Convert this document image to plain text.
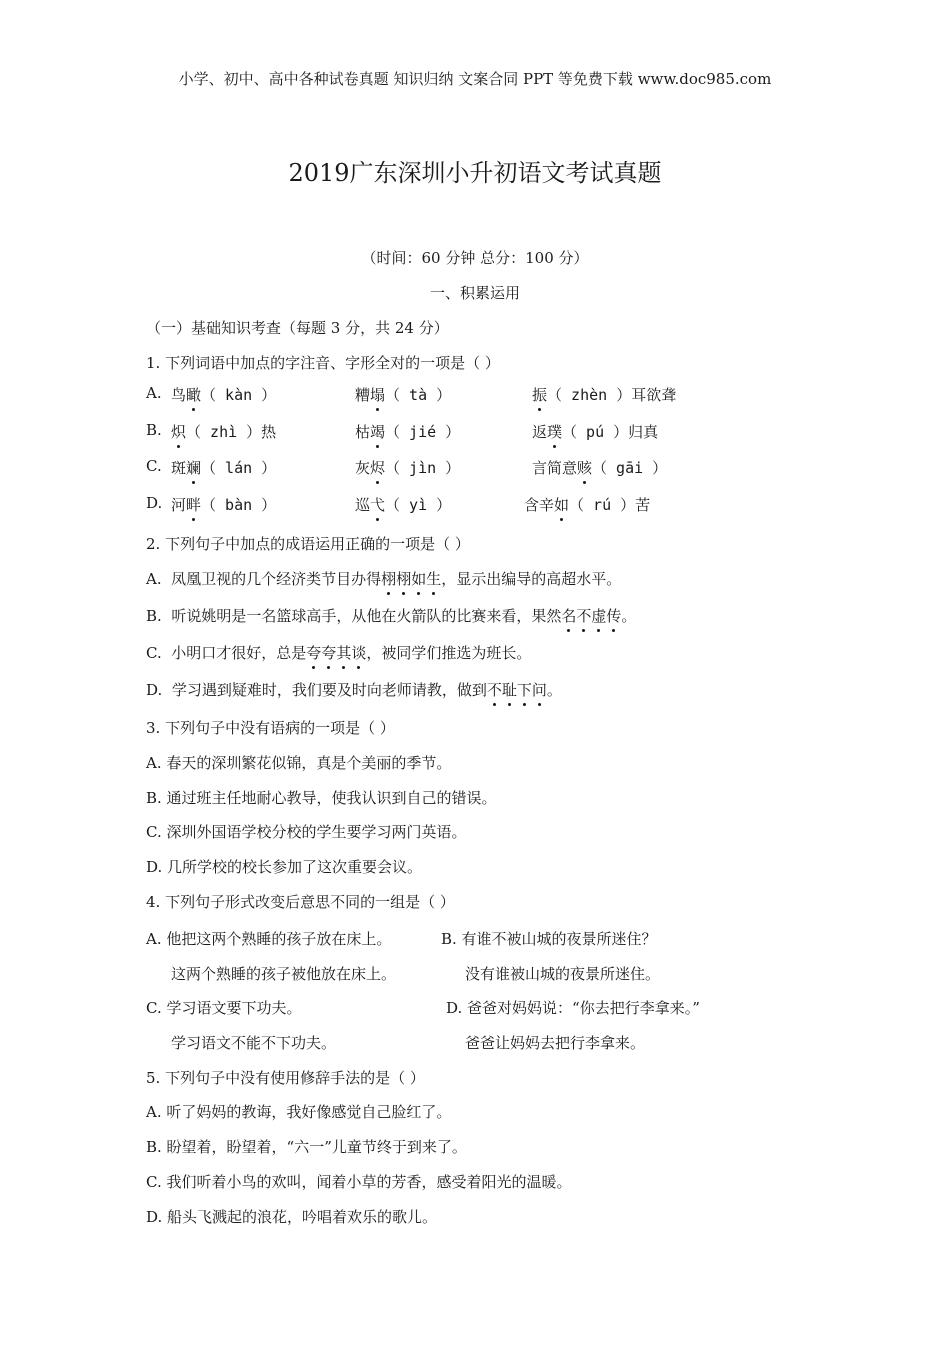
小学、初中、高中各种试卷真题 知识归纳 文案合同 PPT 等免费下载 www.doc985.com
2019广东深圳小升初语文考试真题
（时间：60 分钟 总分：100 分）
一、积累运用
（一）基础知识考查（每题 3 分，共 24 分）
1. 下列词语中加点的字注音、字形全对的一项是（ ）
A. 鸟瞰（ kàn ）	糟塌（ tà ）	振（ zhèn ）耳欲聋
B. 炽（ zhì ）热	枯竭（ jié ）	返璞（ pú ）归真
C. 斑斓（ lán ）	灰烬（ jìn ）	言简意赅（ gāi ）
D. 河畔（ bàn ）	巡弋（ yì ）	含辛如（ rú ）苦
2. 下列句子中加点的成语运用正确的一项是（ ）
A. 凤凰卫视的几个经济类节目办得栩栩如生，显示出编导的高超水平。
B. 听说姚明是一名篮球高手，从他在火箭队的比赛来看，果然名不虚传。
C. 小明口才很好，总是夸夸其谈，被同学们推选为班长。
D. 学习遇到疑难时，我们要及时向老师请教，做到不耻下问。
3. 下列句子中没有语病的一项是（ ）
A. 春天的深圳繁花似锦，真是个美丽的季节。
B. 通过班主任地耐心教导，使我认识到自己的错误。
C. 深圳外国语学校分校的学生要学习两门英语。
D. 几所学校的校长参加了这次重要会议。
4. 下列句子形式改变后意思不同的一组是（ ）
A. 他把这两个熟睡的孩子放在床上。	B. 有谁不被山城的夜景所迷住？
这两个熟睡的孩子被他放在床上。	没有谁被山城的夜景所迷住。
C. 学习语文要下功夫。	D. 爸爸对妈妈说：“你去把行李拿来。”
学习语文不能不下功夫。	爸爸让妈妈去把行李拿来。
5. 下列句子中没有使用修辞手法的是（ ）
A. 听了妈妈的教诲，我好像感觉自己脸红了。
B. 盼望着，盼望着，“六一”儿童节终于到来了。
C. 我们听着小鸟的欢叫，闻着小草的芳香，感受着阳光的温暖。
D. 船头飞溅起的浪花，吟唱着欢乐的歌儿。
